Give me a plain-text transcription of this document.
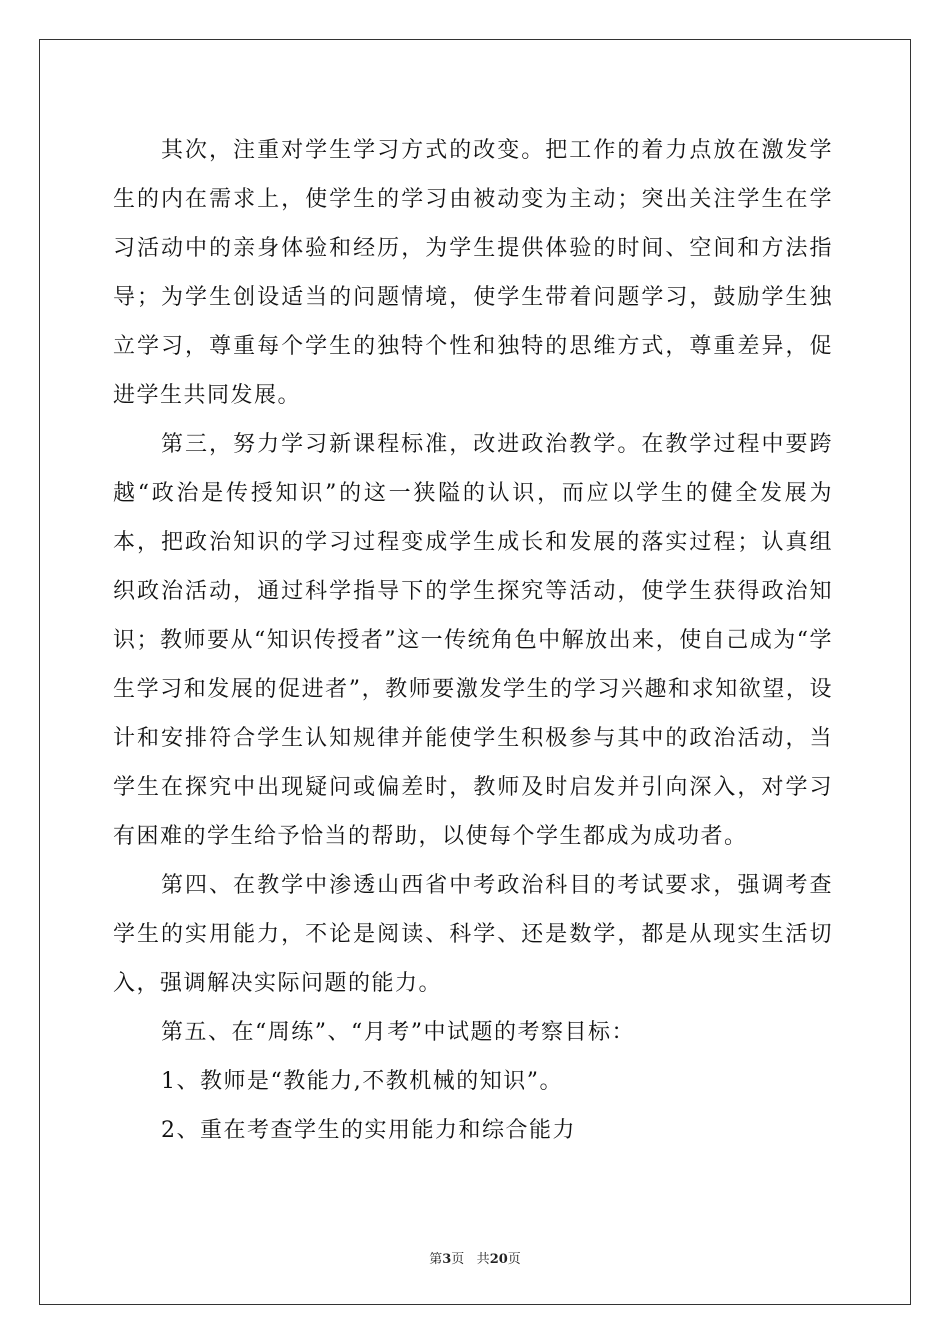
其次，注重对学生学习方式的改变。把工作的着力点放在激发学生的内在需求上，使学生的学习由被动变为主动；突出关注学生在学习活动中的亲身体验和经历，为学生提供体验的时间、空间和方法指导；为学生创设适当的问题情境，使学生带着问题学习，鼓励学生独立学习，尊重每个学生的独特个性和独特的思维方式，尊重差异，促进学生共同发展。

第三，努力学习新课程标准，改进政治教学。在教学过程中要跨越“政治是传授知识”的这一狭隘的认识，而应以学生的健全发展为本，把政治知识的学习过程变成学生成长和发展的落实过程；认真组织政治活动，通过科学指导下的学生探究等活动，使学生获得政治知识；教师要从“知识传授者”这一传统角色中解放出来，使自己成为“学生学习和发展的促进者”，教师要激发学生的学习兴趣和求知欲望，设计和安排符合学生认知规律并能使学生积极参与其中的政治活动，当学生在探究中出现疑问或偏差时，教师及时启发并引向深入，对学习有困难的学生给予恰当的帮助，以使每个学生都成为成功者。

第四、在教学中渗透山西省中考政治科目的考试要求，强调考查学生的实用能力，不论是阅读、科学、还是数学，都是从现实生活切入，强调解决实际问题的能力。

第五、在“周练”、“月考”中试题的考察目标：

1、教师是“教能力,不教机械的知识”。

2、重在考查学生的实用能力和综合能力

第3页 共20页
